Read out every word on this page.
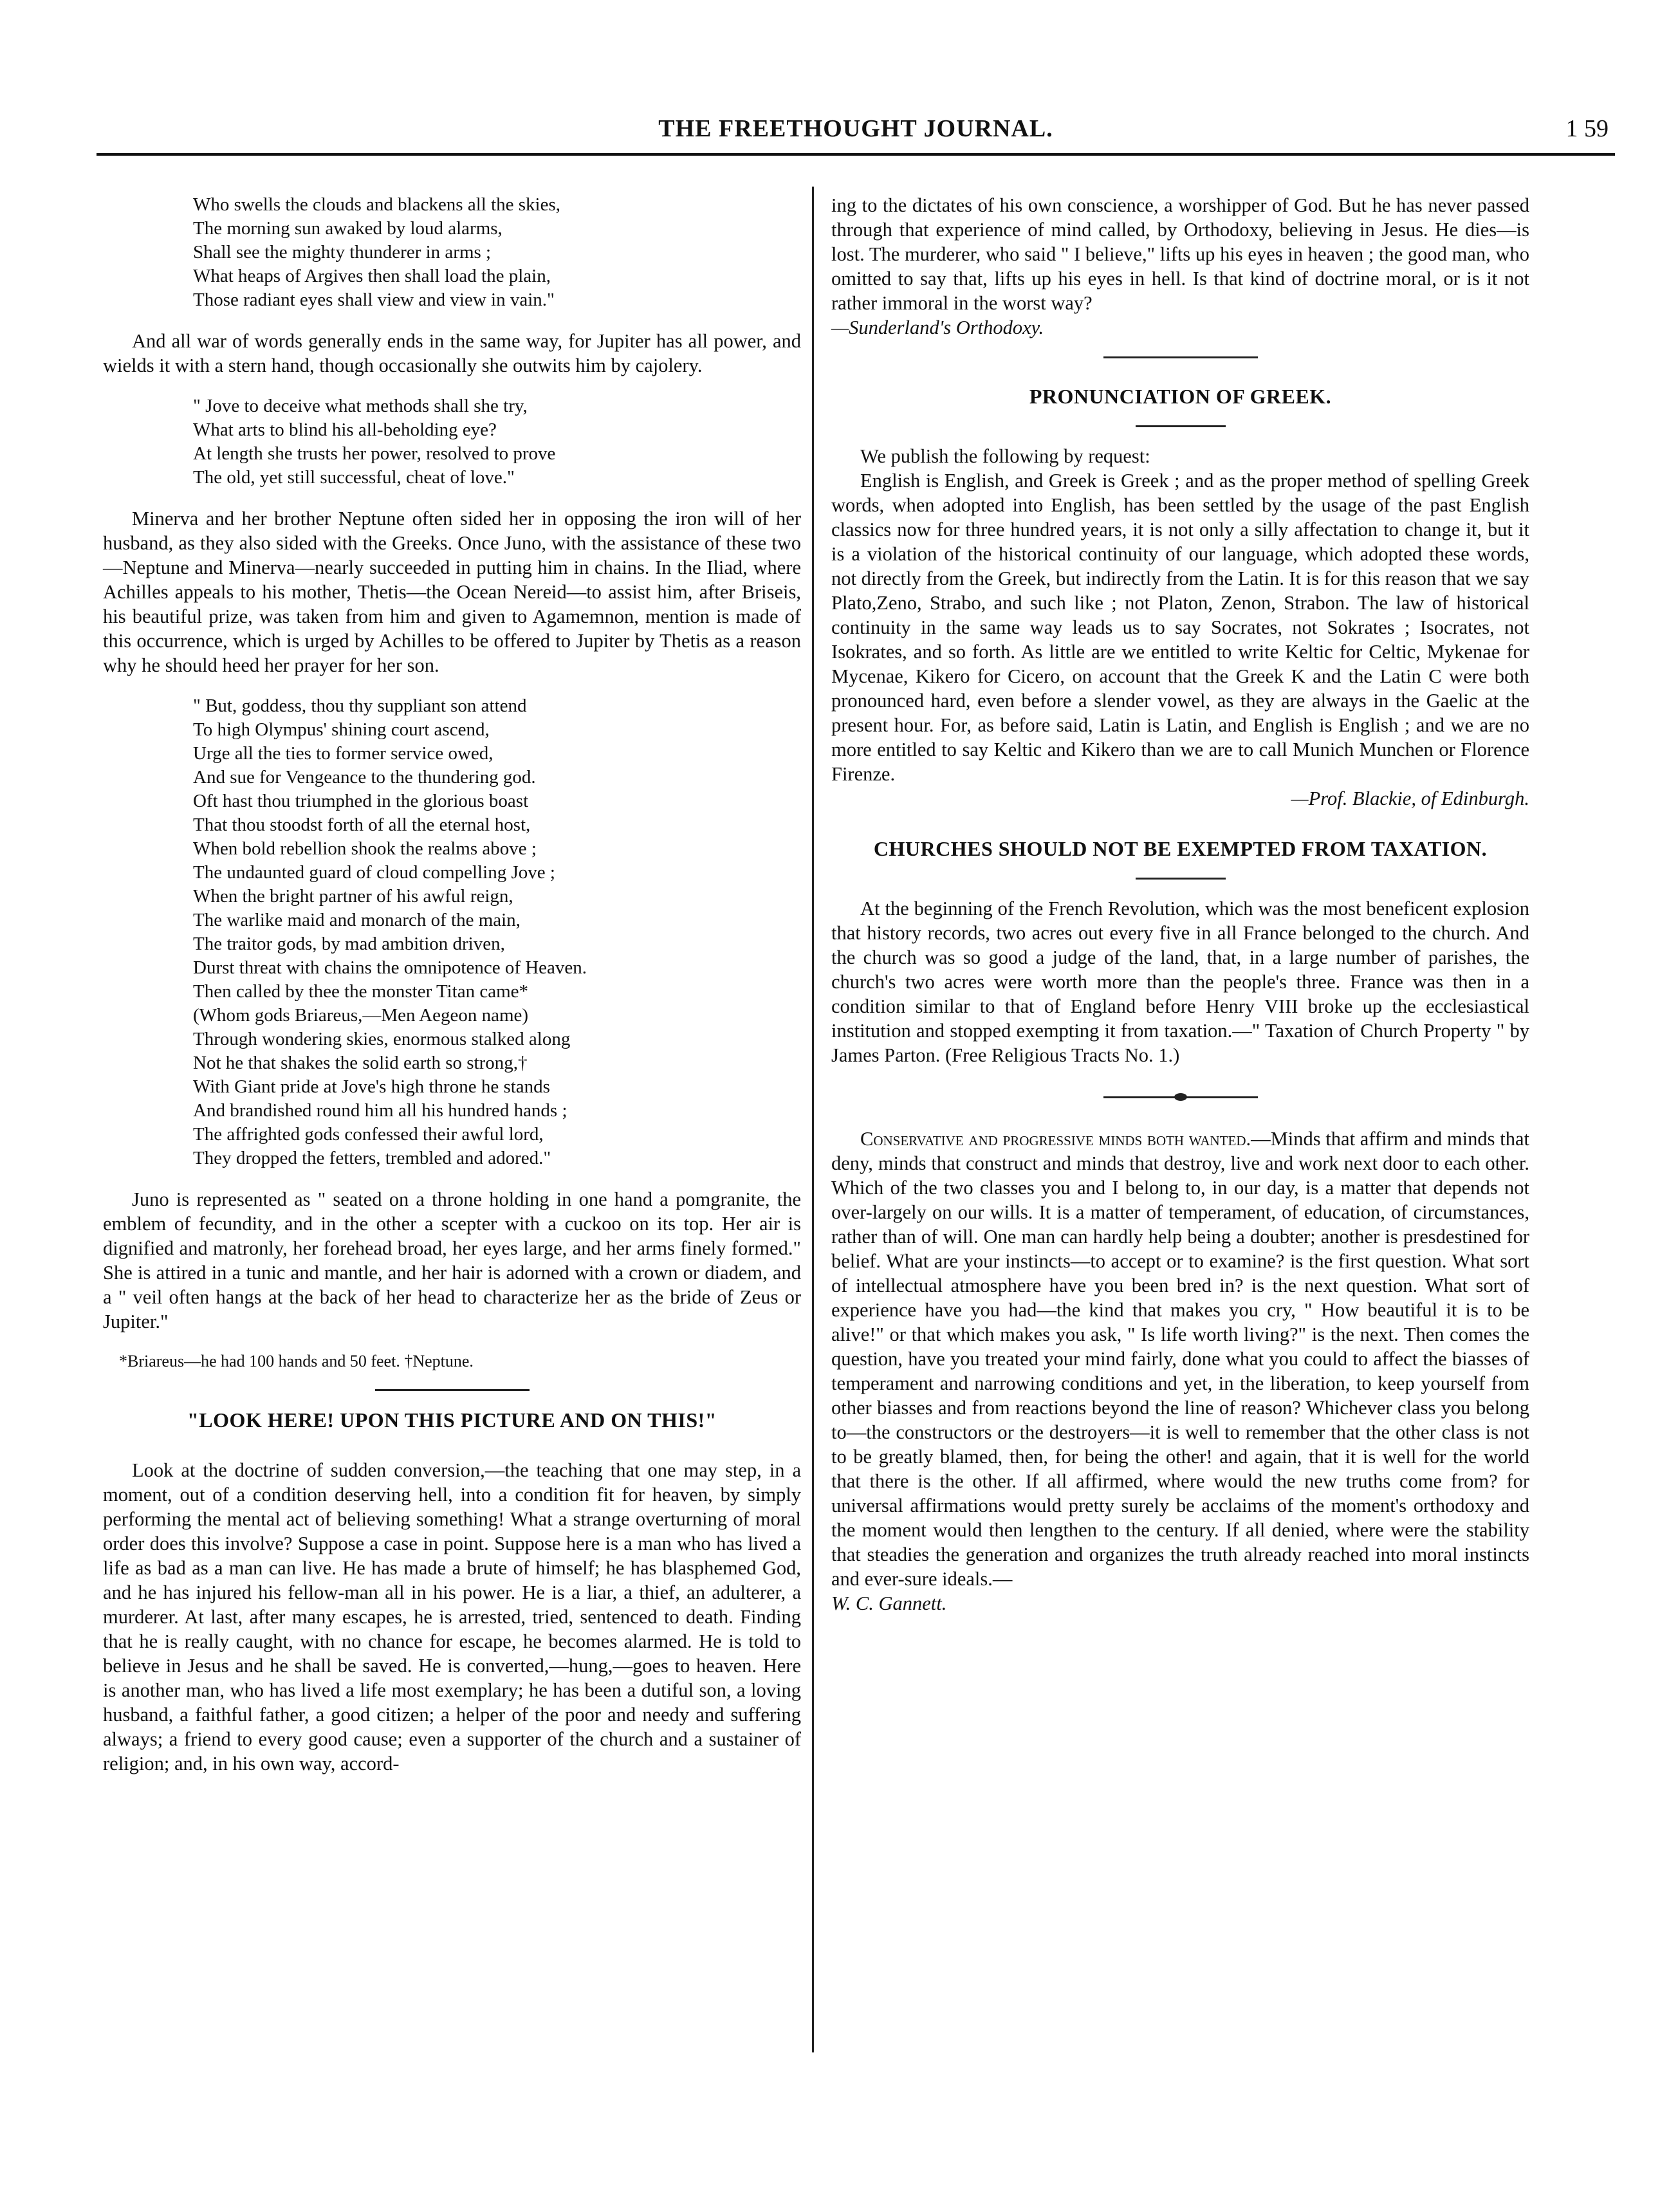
THE FREETHOUGHT JOURNAL.	1 59
Who swells the clouds and blackens all the skies,
The morning sun awaked by loud alarms,
Shall see the mighty thunderer in arms ;
What heaps of Argives then shall load the plain,
Those radiant eyes shall view and view in vain."

And all war of words generally ends in the same way, for Jupiter has all power, and wields it with a stern hand, though occasionally she outwits him by cajolery.

" Jove to deceive what methods shall she try,
What arts to blind his all-beholding eye?
At length she trusts her power, resolved to prove
The old, yet still successful, cheat of love."

Minerva and her brother Neptune often sided her in opposing the iron will of her husband, as they also sided with the Greeks. Once Juno, with the assistance of these two—Neptune and Minerva—nearly succeeded in putting him in chains. In the Iliad, where Achilles appeals to his mother, Thetis—the Ocean Nereid—to assist him, after Briseis, his beautiful prize, was taken from him and given to Agamemnon, mention is made of this occurrence, which is urged by Achilles to be offered to Jupiter by Thetis as a reason why he should heed her prayer for her son.

" But, goddess, thou thy suppliant son attend
To high Olympus' shining court ascend,
Urge all the ties to former service owed,
And sue for Vengeance to the thundering god.
Oft hast thou triumphed in the glorious boast
That thou stoodst forth of all the eternal host,
When bold rebellion shook the realms above ;
The undaunted guard of cloud compelling Jove ;
When the bright partner of his awful reign,
The warlike maid and monarch of the main,
The traitor gods, by mad ambition driven,
Durst threat with chains the omnipotence of Heaven.
Then called by thee the monster Titan came*
(Whom gods Briareus,—Men Aegeon name)
Through wondering skies, enormous stalked along
Not he that shakes the solid earth so strong,†
With Giant pride at Jove's high throne he stands
And brandished round him all his hundred hands ;
The affrighted gods confessed their awful lord,
They dropped the fetters, trembled and adored."

Juno is represented as " seated on a throne holding in one hand a pomgranite, the emblem of fecundity, and in the other a scepter with a cuckoo on its top. Her air is dignified and matronly, her forehead broad, her eyes large, and her arms finely formed." She is attired in a tunic and mantle, and her hair is adorned with a crown or diadem, and a " veil often hangs at the back of her head to characterize her as the bride of Zeus or Jupiter."

*Briareus—he had 100 hands and 50 feet. †Neptune.

"LOOK HERE! UPON THIS PICTURE AND ON THIS!"

Look at the doctrine of sudden conversion,—the teaching that one may step, in a moment, out of a condition deserving hell, into a condition fit for heaven, by simply performing the mental act of believing something! What a strange overturning of moral order does this involve? Suppose a case in point. Suppose here is a man who has lived a life as bad as a man can live. He has made a brute of himself; he has blasphemed God, and he has injured his fellow-man all in his power. He is a liar, a thief, an adulterer, a murderer. At last, after many escapes, he is arrested, tried, sentenced to death. Finding that he is really caught, with no chance for escape, he becomes alarmed. He is told to believe in Jesus and he shall be saved. He is converted,—hung,—goes to heaven. Here is another man, who has lived a life most exemplary; he has been a dutiful son, a loving husband, a faithful father, a good citizen; a helper of the poor and needy and suffering always; a friend to every good cause; even a supporter of the church and a sustainer of religion; and, in his own way, accord-

ing to the dictates of his own conscience, a worshipper of God. But he has never passed through that experience of mind called, by Orthodoxy, believing in Jesus. He dies—is lost. The murderer, who said " I believe," lifts up his eyes in heaven ; the good man, who omitted to say that, lifts up his eyes in hell. Is that kind of doctrine moral, or is it not rather immoral in the worst way?

—Sunderland's Orthodoxy.

PRONUNCIATION OF GREEK.

We publish the following by request:

English is English, and Greek is Greek ; and as the proper method of spelling Greek words, when adopted into English, has been settled by the usage of the past English classics now for three hundred years, it is not only a silly affectation to change it, but it is a violation of the historical continuity of our language, which adopted these words, not directly from the Greek, but indirectly from the Latin. It is for this reason that we say Plato,Zeno, Strabo, and such like ; not Platon, Zenon, Strabon. The law of historical continuity in the same way leads us to say Socrates, not Sokrates ; Isocrates, not Isokrates, and so forth. As little are we entitled to write Keltic for Celtic, Mykenae for Mycenae, Kikero for Cicero, on account that the Greek K and the Latin C were both pronounced hard, even before a slender vowel, as they are always in the Gaelic at the present hour. For, as before said, Latin is Latin, and English is English ; and we are no more entitled to say Keltic and Kikero than we are to call Munich Munchen or Florence Firenze.

—Prof. Blackie, of Edinburgh.

CHURCHES SHOULD NOT BE EXEMPTED FROM TAXATION.

At the beginning of the French Revolution, which was the most beneficent explosion that history records, two acres out every five in all France belonged to the church. And the church was so good a judge of the land, that, in a large number of parishes, the church's two acres were worth more than the people's three. France was then in a condition similar to that of England before Henry VIII broke up the ecclesiastical institution and stopped exempting it from taxation.—" Taxation of Church Property " by James Parton. (Free Religious Tracts No. 1.)

Conservative and progressive minds both wanted.—Minds that affirm and minds that deny, minds that construct and minds that destroy, live and work next door to each other. Which of the two classes you and I belong to, in our day, is a matter that depends not over-largely on our wills. It is a matter of temperament, of education, of circumstances, rather than of will. One man can hardly help being a doubter; another is presdestined for belief. What are your instincts—to accept or to examine? is the first question. What sort of intellectual atmosphere have you been bred in? is the next question. What sort of experience have you had—the kind that makes you cry, " How beautiful it is to be alive!" or that which makes you ask, " Is life worth living?" is the next. Then comes the question, have you treated your mind fairly, done what you could to affect the biasses of temperament and narrowing conditions and yet, in the liberation, to keep yourself from other biasses and from reactions beyond the line of reason? Whichever class you belong to—the constructors or the destroyers—it is well to remember that the other class is not to be greatly blamed, then, for being the other! and again, that it is well for the world that there is the other. If all affirmed, where would the new truths come from? for universal affirmations would pretty surely be acclaims of the moment's orthodoxy and the moment would then lengthen to the century. If all denied, where were the stability that steadies the generation and organizes the truth already reached into moral instincts and ever-sure ideals.—

W. C. Gannett.
